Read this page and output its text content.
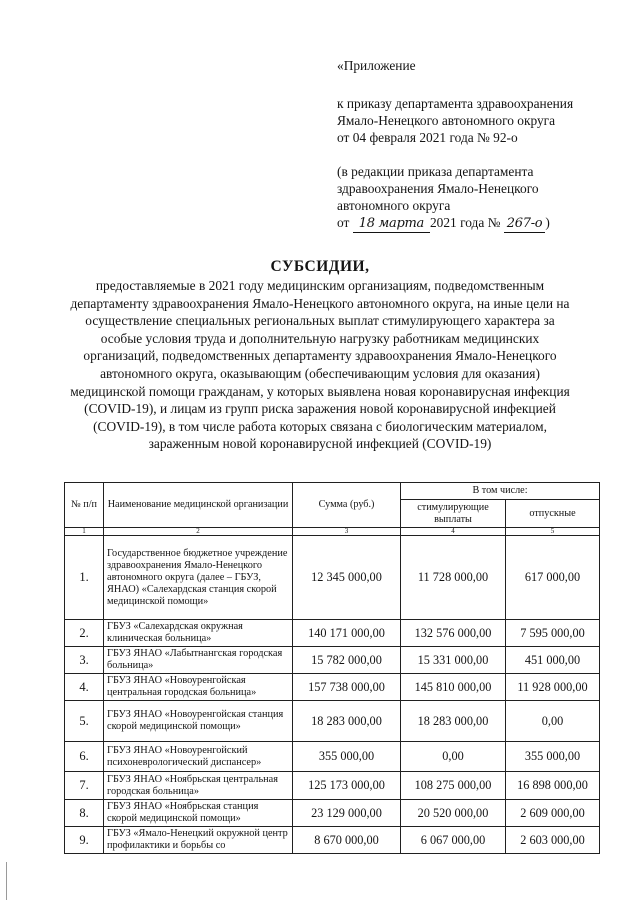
«Приложение
к приказу департамента здравоохранения
Ямало-Ненецкого автономного округа
от 04 февраля 2021 года № 92-о
(в редакции приказа департамента
здравоохранения Ямало-Ненецкого
автономного округа
от 18 марта 2021 года № 267-о )
СУБСИДИИ,
предоставляемые в 2021 году медицинским организациям, подведомственным департаменту здравоохранения Ямало-Ненецкого автономного округа, на иные цели на осуществление специальных региональных выплат стимулирующего характера за особые условия труда и дополнительную нагрузку работникам медицинских организаций, подведомственных департаменту здравоохранения Ямало-Ненецкого автономного округа, оказывающим (обеспечивающим условия для оказания) медицинской помощи гражданам, у которых выявлена новая коронавирусная инфекция (COVID-19), и лицам из групп риска заражения новой коронавирусной инфекцией (COVID-19), в том числе работа которых связана с биологическим материалом, зараженным новой коронавирусной инфекцией (COVID-19)
№ п/п	Наименование медицинской организации	Сумма (руб.)	В том числе:	
			стимулирующие выплаты	отпускные
1	2	3	4	5
1.	Государственное бюджетное учреждение здравоохранения Ямало-Ненецкого автономного округа (далее – ГБУЗ, ЯНАО) «Салехардская станция скорой медицинской помощи»	12 345 000,00	11 728 000,00	617 000,00
2.	ГБУЗ «Салехардская окружная клиническая больница»	140 171 000,00	132 576 000,00	7 595 000,00
3.	ГБУЗ ЯНАО «Лабытнангская городская больница»	15 782 000,00	15 331 000,00	451 000,00
4.	ГБУЗ ЯНАО «Новоуренгойская центральная городская больница»	157 738 000,00	145 810 000,00	11 928 000,00
5.	ГБУЗ ЯНАО «Новоуренгойская станция скорой медицинской помощи»	18 283 000,00	18 283 000,00	0,00
6.	ГБУЗ ЯНАО «Новоуренгойский психоневрологический диспансер»	355 000,00	0,00	355 000,00
7.	ГБУЗ ЯНАО «Ноябрьская центральная городская больница»	125 173 000,00	108 275 000,00	16 898 000,00
8.	ГБУЗ ЯНАО «Ноябрьская станция скорой медицинской помощи»	23 129 000,00	20 520 000,00	2 609 000,00
9.	ГБУЗ «Ямало-Ненецкий окружной центр профилактики и борьбы со	8 670 000,00	6 067 000,00	2 603 000,00
